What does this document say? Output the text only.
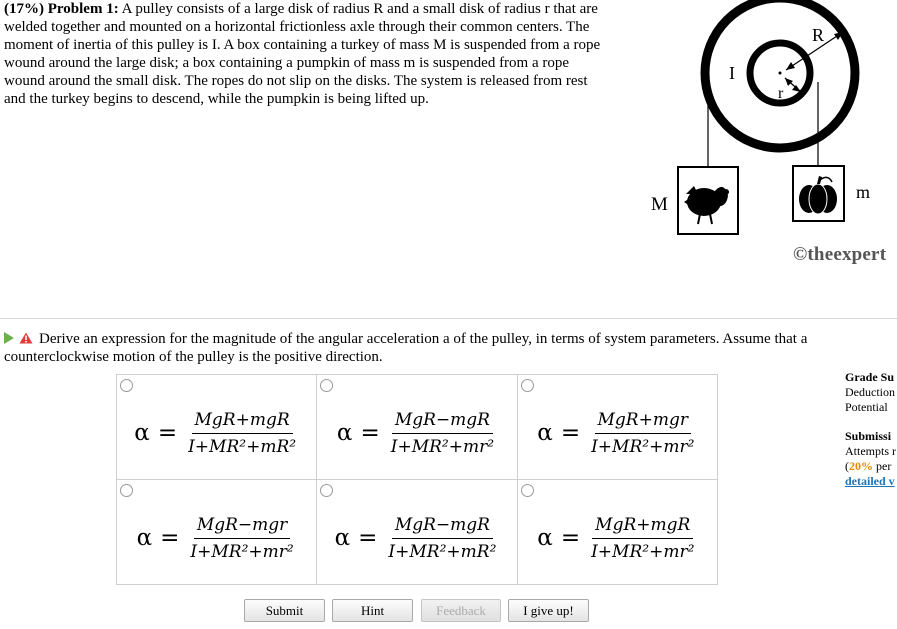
(17%) Problem 1: A pulley consists of a large disk of radius R and a small disk of radius r that are welded together and mounted on a horizontal frictionless axle through their common centers. The moment of inertia of this pulley is I. A box containing a turkey of mass M is suspended from a rope wound around the large disk; a box containing a pumpkin of mass m is suspended from a rope wound around the small disk. The ropes do not slip on the disks. The system is released from rest and the turkey begins to descend, while the pumpkin is being lifted up.
R
r
I
M
m
©theexpert
Derive an expression for the magnitude of the angular acceleration a of the pulley, in terms of system parameters. Assume that a counterclockwise motion of the pulley is the positive direction.
$\alpha = \frac{\text{MgR+mgR}}{\text{I+MR²+mR²}}$	$\alpha = \frac{\text{MgR−mgR}}{\text{I+MR²+mr²}}$	$\alpha = \frac{\text{MgR+mgr}}{\text{I+MR²+mr²}}$

$\alpha = \frac{\text{MgR−mgr}}{\text{I+MR²+mr²}}$	$\alpha = \frac{\text{MgR−mgR}}{\text{I+MR²+mR²}}$	$\alpha = \frac{\text{MgR+mgR}}{\text{I+MR²+mr²}}$
Grade Su
Deduction
Potential
Submissi
Attempts r
(20% per
detailed v
Submit	Hint	Feedback	I give up!
